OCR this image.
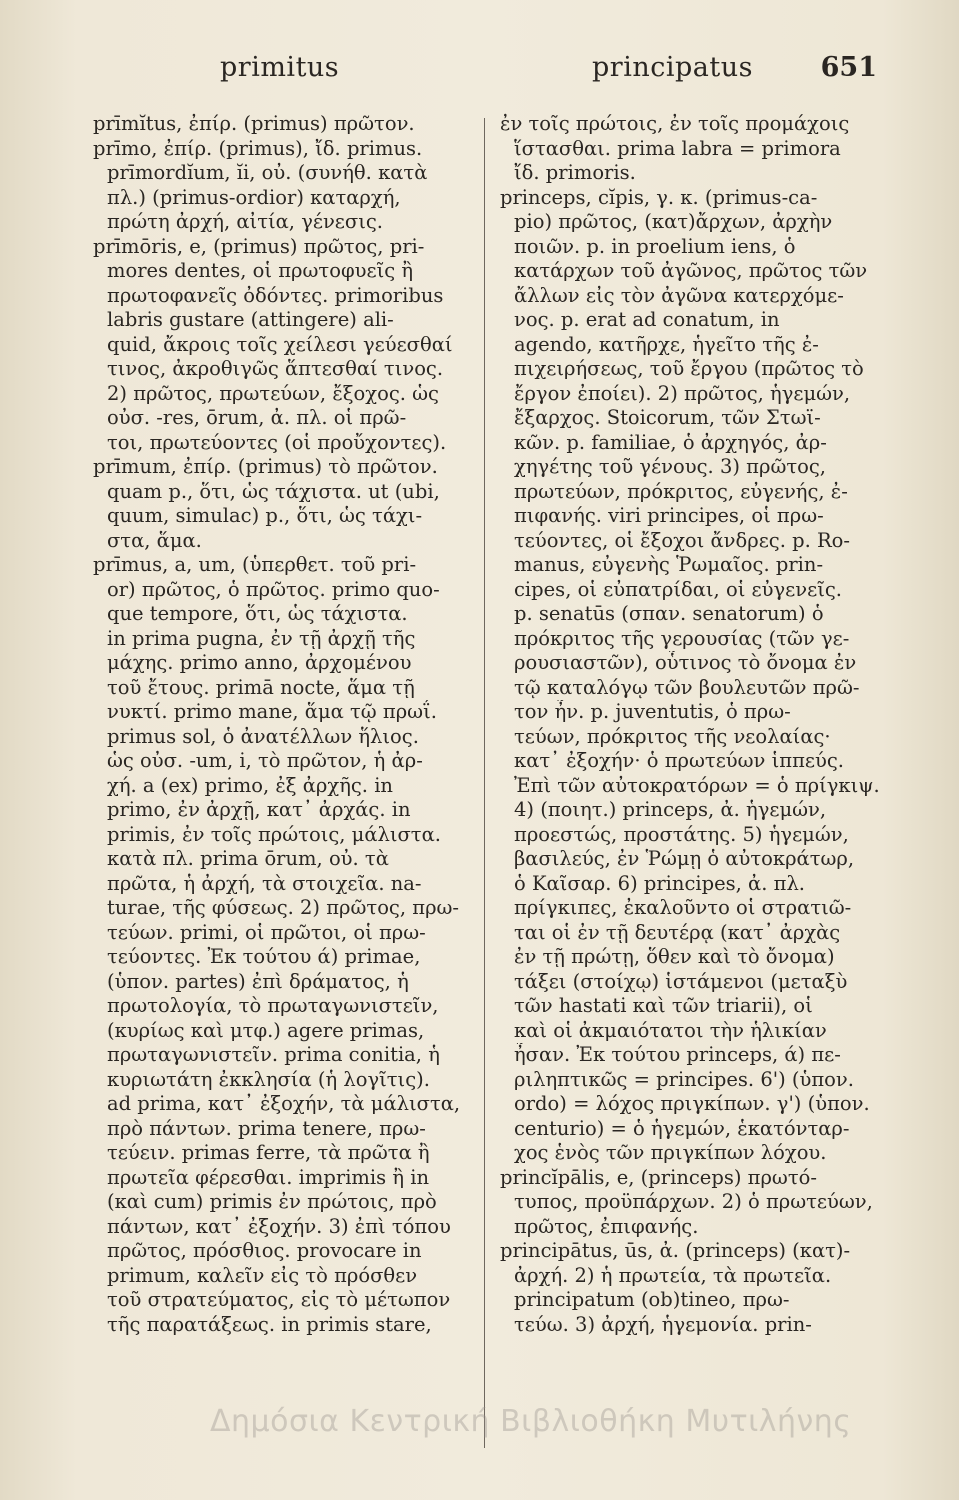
primitus	principatus	651
prīmĭtus, ἐπίρ. (primus) πρῶτον.
prīmo, ἐπίρ. (primus), ἴδ. primus.
prīmordĭum, ĭi, οὐ. (συνήθ. κατὰ
πλ.) (primus-ordior) καταρχή,
πρώτη ἀρχή, αἰτία, γένεσις.
prīmōris, e, (primus) πρῶτος, pri-
mores dentes, οἱ πρωτοφυεῖς ἢ
πρωτοφανεῖς ὀδόντες. primoribus
labris gustare (attingere) ali-
quid, ἄκροις τοῖς χείλεσι γεύεσθαί
τινος, ἀκροθιγῶς ἅπτεσθαί τινος.
2) πρῶτος, πρωτεύων, ἔξοχος. ὡς
οὐσ. -res, ōrum, ἀ. πλ. οἱ πρῶ-
τοι, πρωτεύοντες (οἱ προὔχοντες).
prīmum, ἐπίρ. (primus) τὸ πρῶτον.
quam p., ὅτι, ὡς τάχιστα. ut (ubi,
quum, simulac) p., ὅτι, ὡς τάχι-
στα, ἅμα.
prīmus, a, um, (ὑπερθετ. τοῦ pri-
or) πρῶτος, ὁ πρῶτος. primo quo-
que tempore, ὅτι, ὡς τάχιστα.
in prima pugna, ἐν τῇ ἀρχῇ τῆς
μάχης. primo anno, ἀρχομένου
τοῦ ἔτους. primā nocte, ἅμα τῇ
νυκτί. primo mane, ἅμα τῷ πρωΐ.
primus sol, ὁ ἀνατέλλων ἥλιος.
ὡς οὐσ. -um, i, τὸ πρῶτον, ἡ ἀρ-
χή. a (ex) primo, ἐξ ἀρχῆς. in
primo, ἐν ἀρχῇ, κατ᾿ ἀρχάς. in
primis, ἐν τοῖς πρώτοις, μάλιστα.
κατὰ πλ. prima ōrum, οὐ. τὰ
πρῶτα, ἡ ἀρχή, τὰ στοιχεῖα. na-
turae, τῆς φύσεως. 2) πρῶτος, πρω-
τεύων. primi, οἱ πρῶτοι, οἱ πρω-
τεύοντες. Ἐκ τούτου ά) primae,
(ὑπον. partes) ἐπὶ δράματος, ἡ
πρωτολογία, τὸ πρωταγωνιστεῖν,
(κυρίως καὶ μτφ.) agere primas,
πρωταγωνιστεῖν. prima conitia, ἡ
κυριωτάτη ἐκκλησία (ἡ λογῖτις).
ad prima, κατ᾿ ἐξοχήν, τὰ μάλιστα,
πρὸ πάντων. prima tenere, πρω-
τεύειν. primas ferre, τὰ πρῶτα ἢ
πρωτεῖα φέρεσθαι. imprimis ἢ in
(καὶ cum) primis ἐν πρώτοις, πρὸ
πάντων, κατ᾿ ἐξοχήν. 3) ἐπὶ τόπου
πρῶτος, πρόσθιος. provocare in
primum, καλεῖν εἰς τὸ πρόσθεν
τοῦ στρατεύματος, εἰς τὸ μέτωπον
τῆς παρατάξεως. in primis stare,
ἐν τοῖς πρώτοις, ἐν τοῖς προμάχοις
ἵστασθαι. prima labra = primora
ἴδ. primoris.
princeps, cĭpis, γ. κ. (primus-ca-
pio) πρῶτος, (κατ)ἄρχων, ἀρχὴν
ποιῶν. p. in proelium iens, ὁ
κατάρχων τοῦ ἀγῶνος, πρῶτος τῶν
ἄλλων εἰς τὸν ἀγῶνα κατερχόμε-
νος. p. erat ad conatum, in
agendo, κατῆρχε, ἡγεῖτο τῆς ἐ-
πιχειρήσεως, τοῦ ἔργου (πρῶτος τὸ
ἔργον ἐποίει). 2) πρῶτος, ἡγεμών,
ἔξαρχος. Stoicorum, τῶν Στωϊ-
κῶν. p. familiae, ὁ ἀρχηγός, ἀρ-
χηγέτης τοῦ γένους. 3) πρῶτος,
πρωτεύων, πρόκριτος, εὐγενής, ἐ-
πιφανής. viri principes, οἱ πρω-
τεύοντες, οἱ ἔξοχοι ἄνδρες. p. Ro-
manus, εὐγενὴς Ῥωμαῖος. prin-
cipes, οἱ εὐπατρίδαι, οἱ εὐγενεῖς.
p. senatūs (σπαν. senatorum) ὁ
πρόκριτος τῆς γερουσίας (τῶν γε-
ρουσιαστῶν), οὗτινος τὸ ὄνομα ἐν
τῷ καταλόγῳ τῶν βουλευτῶν πρῶ-
τον ἦν. p. juventutis, ὁ πρω-
τεύων, πρόκριτος τῆς νεολαίας·
κατ᾿ ἐξοχήν· ὁ πρωτεύων ἱππεύς.
Ἐπὶ τῶν αὐτοκρατόρων = ὁ πρίγκιψ.
4) (ποιητ.) princeps, ἀ. ἡγεμών,
προεστώς, προστάτης. 5) ἡγεμών,
βασιλεύς, ἐν Ῥώμῃ ὁ αὐτοκράτωρ,
ὁ Καῖσαρ. 6) principes, ἀ. πλ.
πρίγκιπες, ἐκαλοῦντο οἱ στρατιῶ-
ται οἱ ἐν τῇ δευτέρᾳ (κατ᾿ ἀρχὰς
ἐν τῇ πρώτῃ, ὅθεν καὶ τὸ ὄνομα)
τάξει (στοίχῳ) ἱστάμενοι (μεταξὺ
τῶν hastati καὶ τῶν triarii), οἱ
καὶ οἱ ἀκμαιότατοι τὴν ἡλικίαν
ἦσαν. Ἐκ τούτου princeps, ά) πε-
ριληπτικῶς = principes. 6') (ὑπον.
ordo) = λόχος πριγκίπων. γ') (ὑπον.
centurio) = ὁ ἡγεμών, ἑκατόνταρ-
χος ἑνὸς τῶν πριγκίπων λόχου.
princĭpālis, e, (princeps) πρωτό-
τυπος, προϋπάρχων. 2) ὁ πρωτεύων,
πρῶτος, ἐπιφανής.
principātus, ūs, ἀ. (princeps) (κατ)-
ἀρχή. 2) ἡ πρωτεία, τὰ πρωτεῖα.
principatum (ob)tineo, πρω-
τεύω. 3) ἀρχή, ἡγεμονία. prin-
Δημόσια Κεντρική Βιβλιοθήκη Μυτιλήνης
